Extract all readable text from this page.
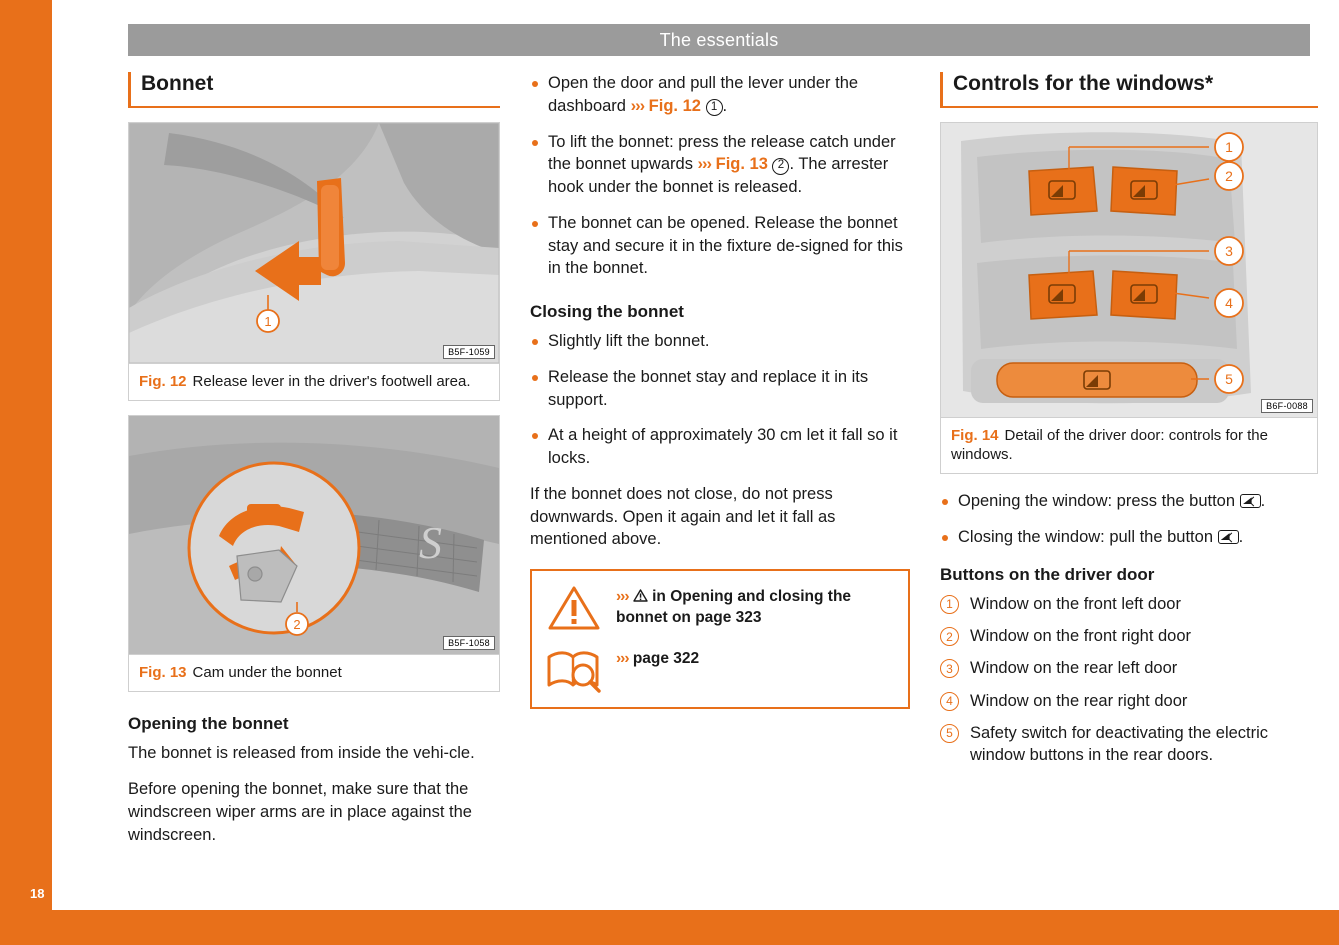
The essentials
Bonnet
1
B5F-1059
Fig. 12 Release lever in the driver's footwell area.
S
2
B5F-1058
Fig. 13 Cam under the bonnet
Opening the bonnet

The bonnet is released from inside the vehi-cle.

Before opening the bonnet, make sure that the windscreen wiper arms are in place against the windscreen.

Open the door and pull the lever under the dashboard ››› Fig. 12 1 .
To lift the bonnet: press the release catch under the bonnet upwards ››› Fig. 13 2 . The arrester hook under the bonnet is released.
The bonnet can be opened. Release the bonnet stay and secure it in the fixture de-signed for this in the bonnet.
Closing the bonnet
Slightly lift the bonnet.
Release the bonnet stay and replace it in its support.
At a height of approximately 30 cm let it fall so it locks.

If the bonnet does not close, do not press downwards. Open it again and let it fall as mentioned above.

››› in Opening and closing the bonnet on page 323
››› page 322
Controls for the windows*
1
2
3
4
5
B6F-0088
Fig. 14 Detail of the driver door: controls for the windows.
Opening the window: press the button .
Closing the window: pull the button .
Buttons on the driver door
1	Window on the front left door
2	Window on the front right door
3	Window on the rear left door
4	Window on the rear right door
5	Safety switch for deactivating the electric window buttons in the rear doors.
18
